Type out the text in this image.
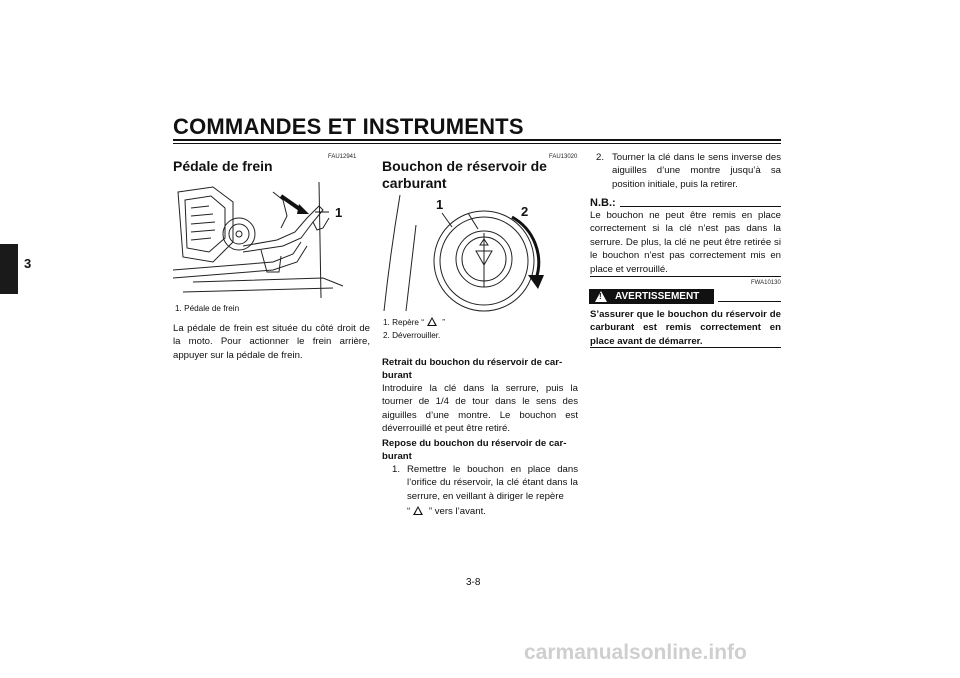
COMMANDES ET INSTRUMENTS
3
FAU12941
Pédale de frein
1
1. Pédale de frein
La pédale de frein est située du côté droit de la moto. Pour actionner le frein arrière, appuyer sur la pédale de frein.
FAU13020
Bouchon de réservoir de
carburant
1	2
1. Repère “ ”
2. Déverrouiller.
Retrait du bouchon du réservoir de car-
burant
Introduire la clé dans la serrure, puis la tourner de 1/4 de tour dans le sens des aiguilles d’une montre. Le bouchon est déverrouillé et peut être retiré.
Repose du bouchon du réservoir de car-
burant
1. Remettre le bouchon en place dans l’orifice du réservoir, la clé étant dans la serrure, en veillant à diriger le repère
“ ” vers l’avant.
2. Tourner la clé dans le sens inverse des aiguilles d’une montre jusqu’à sa position initiale, puis la retirer.
N.B.:
Le bouchon ne peut être remis en place correctement si la clé n’est pas dans la serrure. De plus, la clé ne peut être retirée si le bouchon n’est pas correctement mis en place et verrouillé.
FWA10130
! AVERTISSEMENT
S’assurer que le bouchon du réservoir de carburant est remis correctement en place avant de démarrer.
3-8
carmanualsonline.info
